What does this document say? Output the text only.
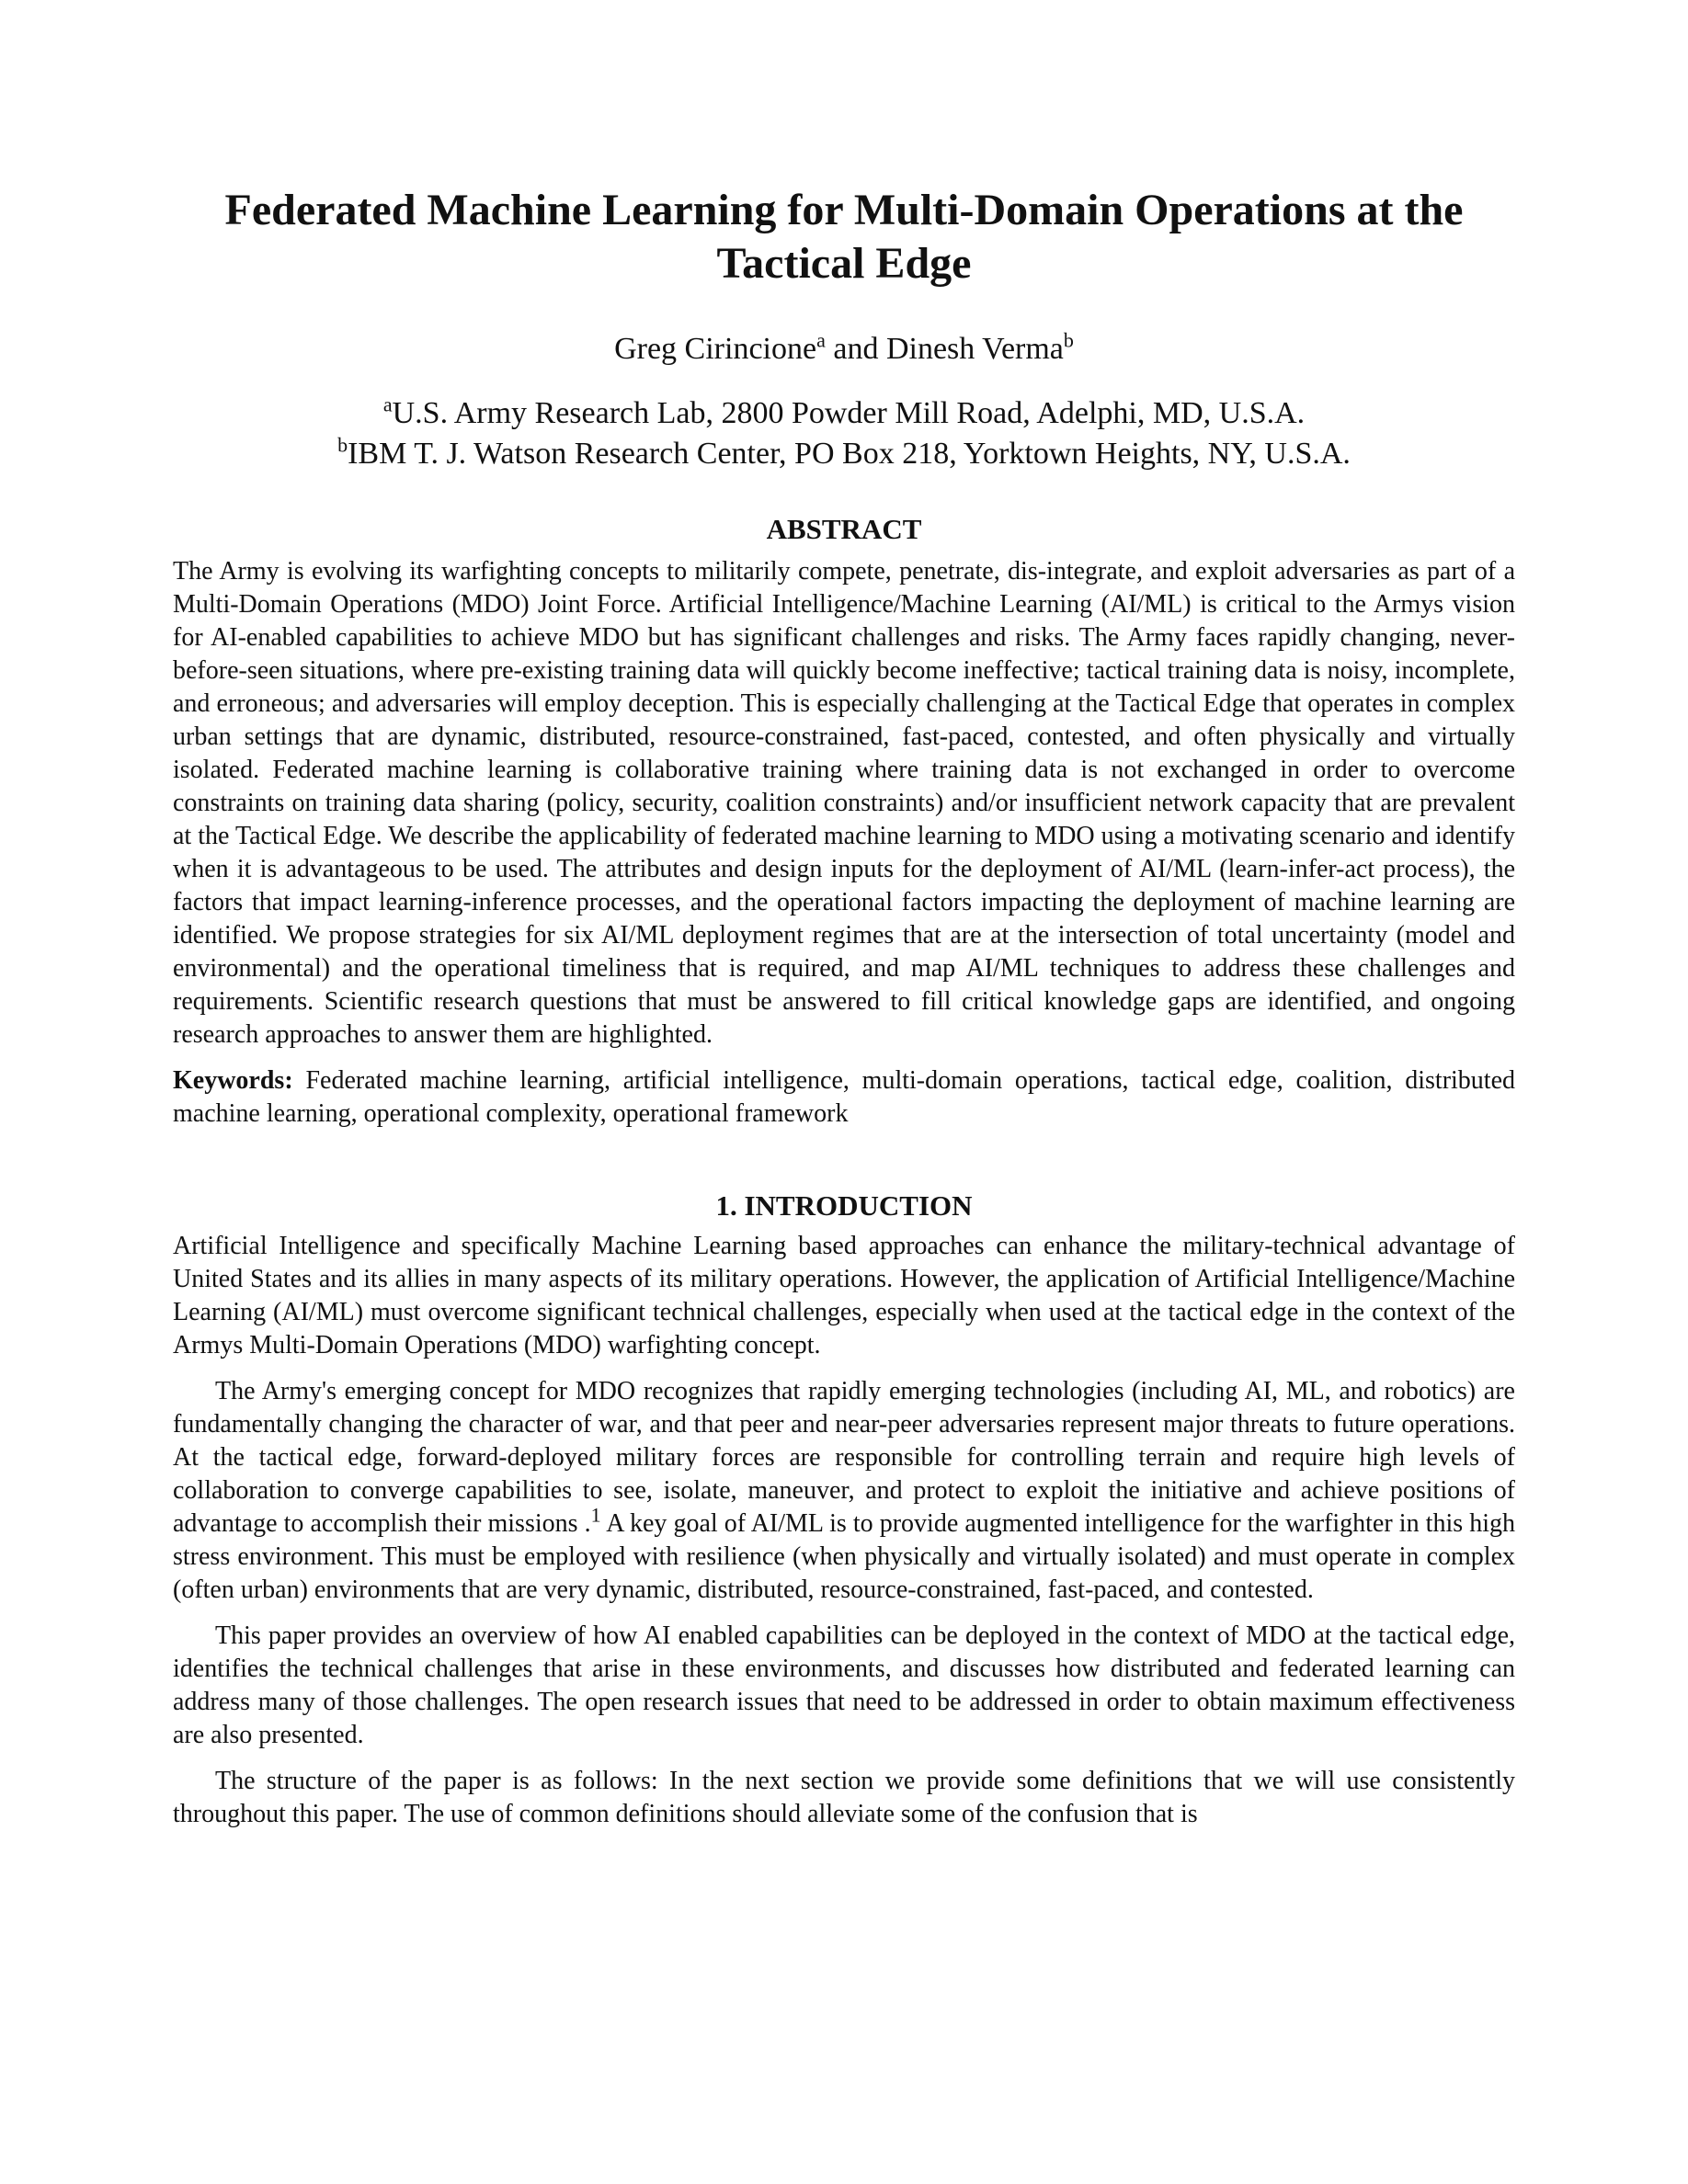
Federated Machine Learning for Multi-Domain Operations at the Tactical Edge
Greg Cirincione$^a$ and Dinesh Verma$^b$
$^a$U.S. Army Research Lab, 2800 Powder Mill Road, Adelphi, MD, U.S.A.
$^b$IBM T. J. Watson Research Center, PO Box 218, Yorktown Heights, NY, U.S.A.
ABSTRACT

The Army is evolving its warfighting concepts to militarily compete, penetrate, dis-integrate, and exploit adversaries as part of a Multi-Domain Operations (MDO) Joint Force. Artificial Intelligence/Machine Learning (AI/ML) is critical to the Armys vision for AI-enabled capabilities to achieve MDO but has significant challenges and risks. The Army faces rapidly changing, never-before-seen situations, where pre-existing training data will quickly become ineffective; tactical training data is noisy, incomplete, and erroneous; and adversaries will employ deception. This is especially challenging at the Tactical Edge that operates in complex urban settings that are dynamic, distributed, resource-constrained, fast-paced, contested, and often physically and virtually isolated. Federated machine learning is collaborative training where training data is not exchanged in order to overcome constraints on training data sharing (policy, security, coalition constraints) and/or insufficient network capacity that are prevalent at the Tactical Edge. We describe the applicability of federated machine learning to MDO using a motivating scenario and identify when it is advantageous to be used. The attributes and design inputs for the deployment of AI/ML (learn-infer-act process), the factors that impact learning-inference processes, and the operational factors impacting the deployment of machine learning are identified. We propose strategies for six AI/ML deployment regimes that are at the intersection of total uncertainty (model and environmental) and the operational timeliness that is required, and map AI/ML techniques to address these challenges and requirements. Scientific research questions that must be answered to fill critical knowledge gaps are identified, and ongoing research approaches to answer them are highlighted.

Keywords: Federated machine learning, artificial intelligence, multi-domain operations, tactical edge, coalition, distributed machine learning, operational complexity, operational framework

1. INTRODUCTION

Artificial Intelligence and specifically Machine Learning based approaches can enhance the military-technical advantage of United States and its allies in many aspects of its military operations. However, the application of Artificial Intelligence/Machine Learning (AI/ML) must overcome significant technical challenges, especially when used at the tactical edge in the context of the Armys Multi-Domain Operations (MDO) warfighting concept.

The Army's emerging concept for MDO recognizes that rapidly emerging technologies (including AI, ML, and robotics) are fundamentally changing the character of war, and that peer and near-peer adversaries represent major threats to future operations. At the tactical edge, forward-deployed military forces are responsible for controlling terrain and require high levels of collaboration to converge capabilities to see, isolate, maneuver, and protect to exploit the initiative and achieve positions of advantage to accomplish their missions .$^1$ A key goal of AI/ML is to provide augmented intelligence for the warfighter in this high stress environment. This must be employed with resilience (when physically and virtually isolated) and must operate in complex (often urban) environments that are very dynamic, distributed, resource-constrained, fast-paced, and contested.

This paper provides an overview of how AI enabled capabilities can be deployed in the context of MDO at the tactical edge, identifies the technical challenges that arise in these environments, and discusses how distributed and federated learning can address many of those challenges. The open research issues that need to be addressed in order to obtain maximum effectiveness are also presented.

The structure of the paper is as follows: In the next section we provide some definitions that we will use consistently throughout this paper. The use of common definitions should alleviate some of the confusion that is
